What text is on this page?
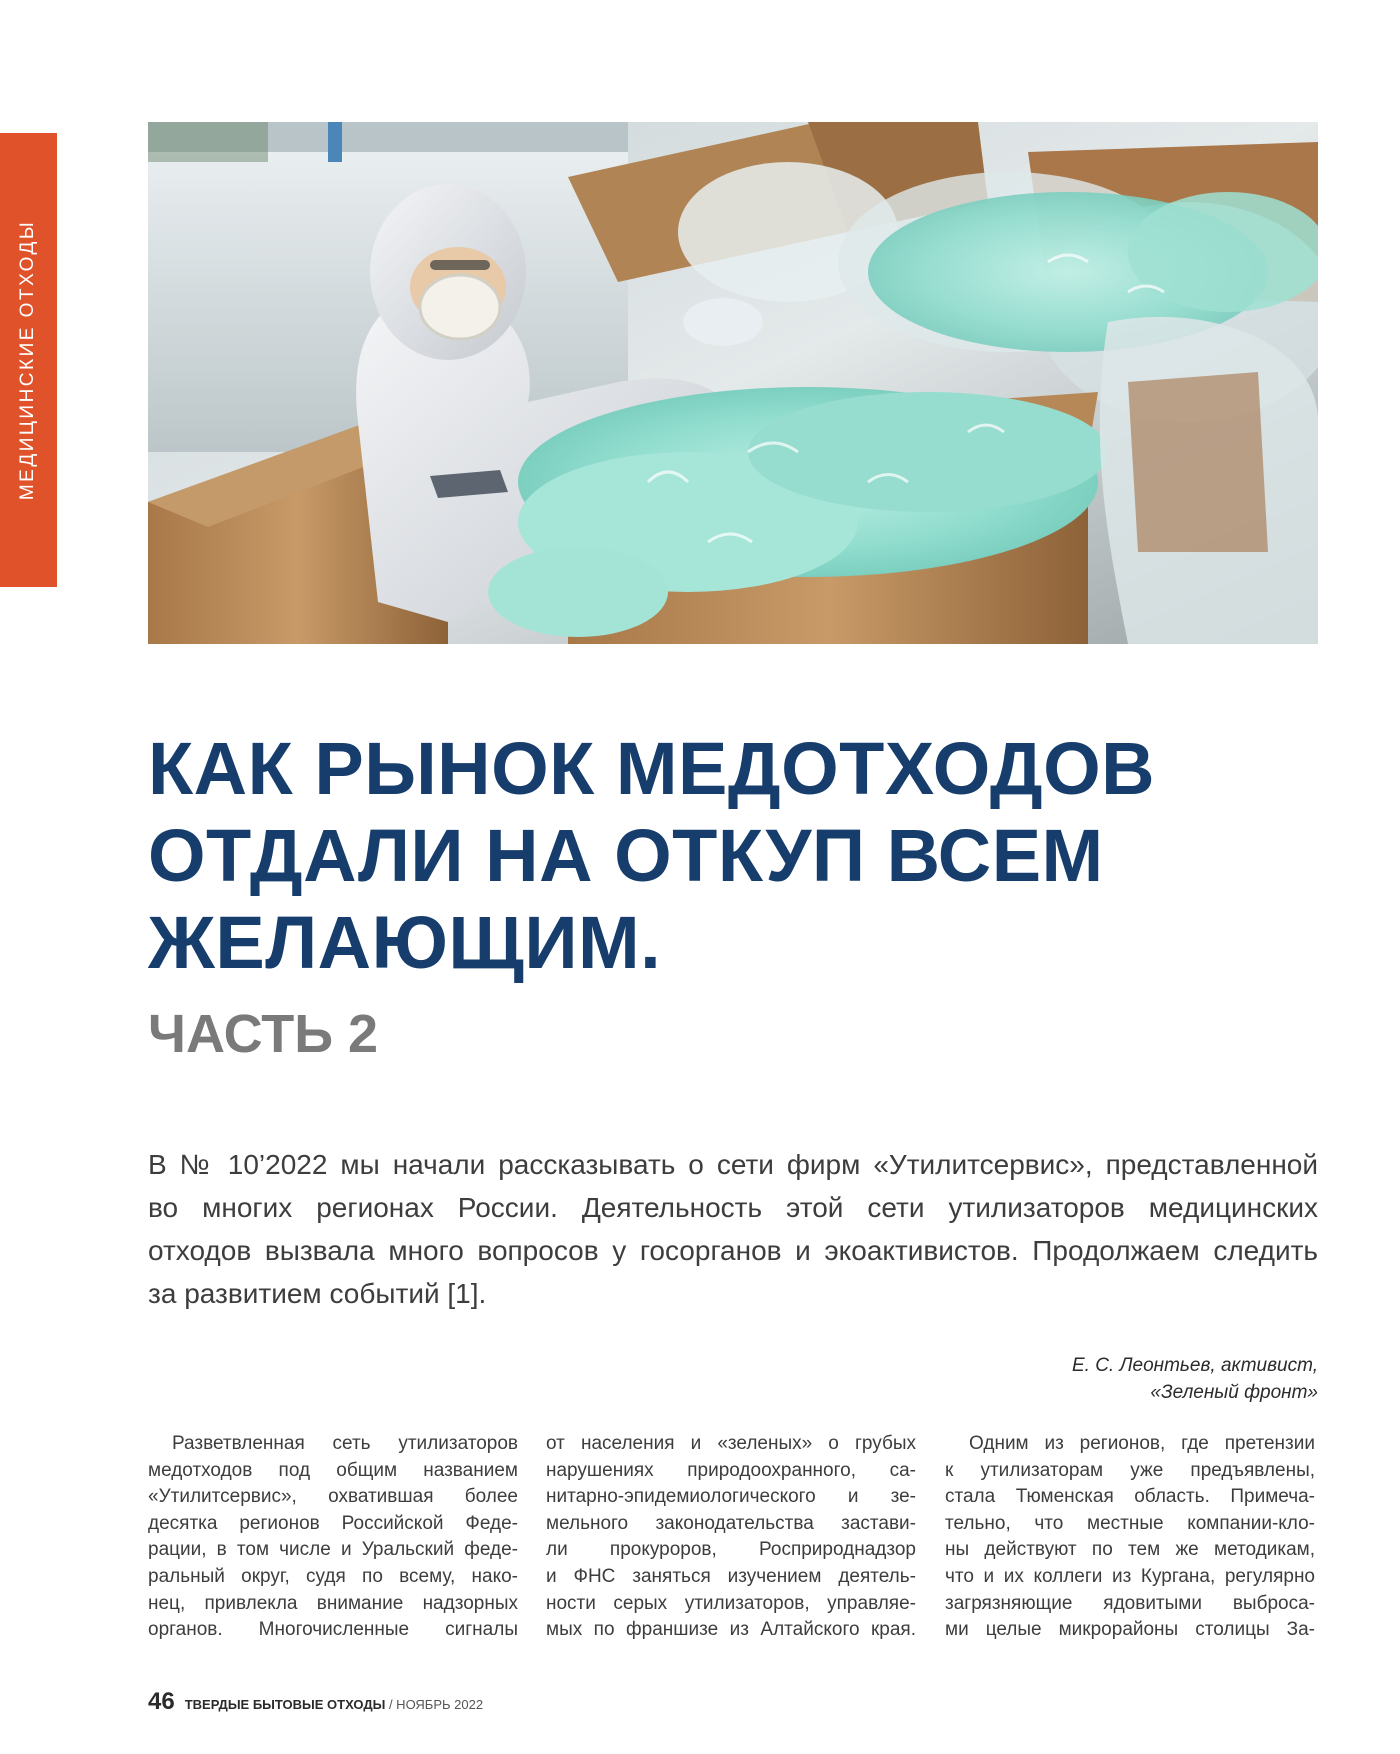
МЕДИЦИНСКИЕ ОТХОДЫ
КАК РЫНОК МЕДОТХОДОВ
ОТДАЛИ НА ОТКУП ВСЕМ
ЖЕЛАЮЩИМ.
ЧАСТЬ 2

В № 10’2022 мы начали рассказывать о сети фирм «Утилитсервис», представленной
во многих регионах России. Деятельность этой сети утилизаторов медицинских
отходов вызвала много вопросов у госорганов и экоактивистов. Продолжаем следить
за развитием событий [1].

Е. С. Леонтьев, активист,
«Зеленый фронт»
Разветвленная сеть утилизаторов
медотходов под общим названием
«Утилитсервис», охватившая более
десятка регионов Российской Феде-
рации, в том числе и Уральский феде-
ральный округ, судя по всему, нако-
нец, привлекла внимание надзорных
органов. Многочисленные сигналы
от населения и «зеленых» о грубых
нарушениях природоохранного, са-
нитарно-эпидемиологического и зе-
мельного законодательства застави-
ли прокуроров, Росприроднадзор
и ФНС заняться изучением деятель-
ности серых утилизаторов, управляе-
мых по франшизе из Алтайского края.
Одним из регионов, где претензии
к утилизаторам уже предъявлены,
стала Тюменская область. Примеча-
тельно, что местные компании-кло-
ны действуют по тем же методикам,
что и их коллеги из Кургана, регулярно
загрязняющие ядовитыми выброса-
ми целые микрорайоны столицы За-
46 ТВЕРДЫЕ БЫТОВЫЕ ОТХОДЫ / НОЯБРЬ 2022
